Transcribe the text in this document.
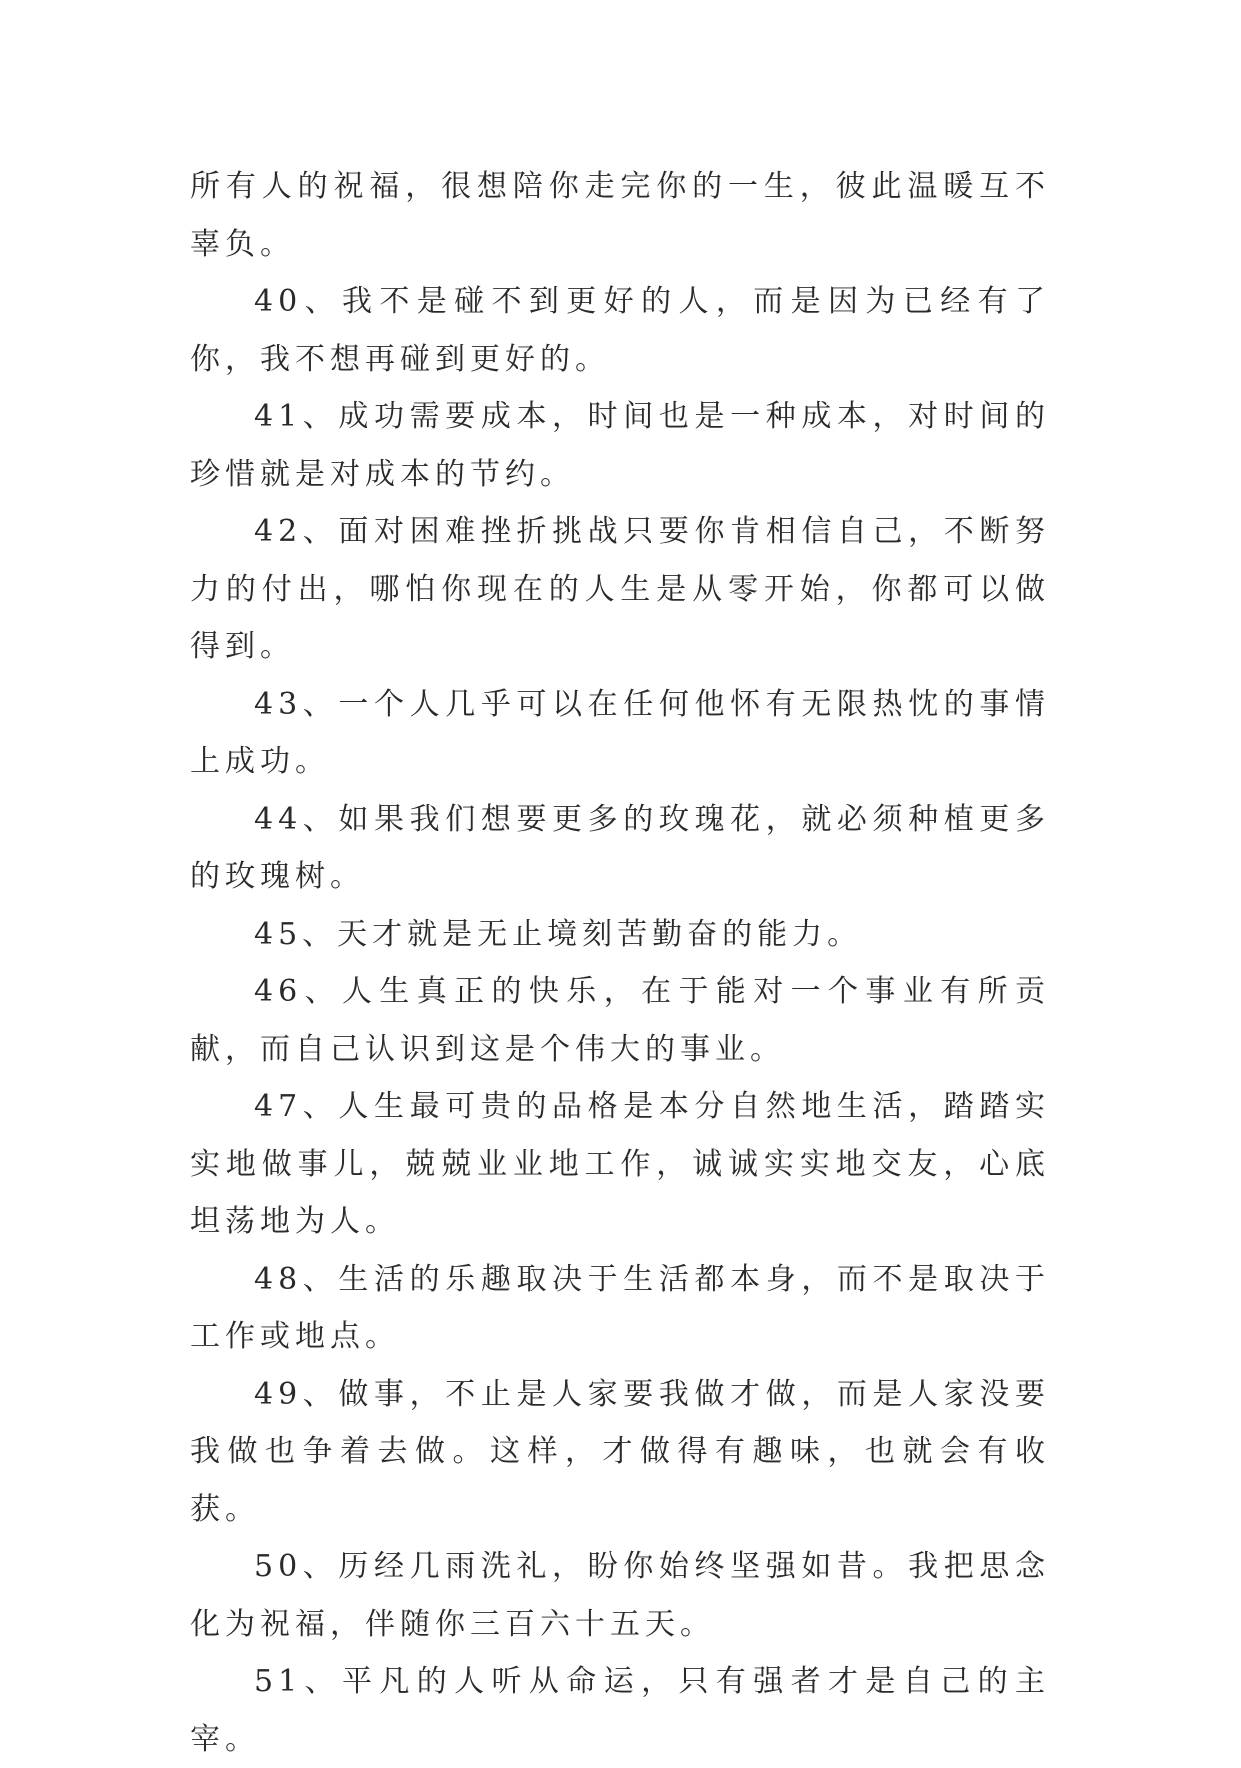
所有人的祝福，很想陪你走完你的一生，彼此温暖互不辜负。

40、我不是碰不到更好的人，而是因为已经有了你，我不想再碰到更好的。

41、成功需要成本，时间也是一种成本，对时间的珍惜就是对成本的节约。

42、面对困难挫折挑战只要你肯相信自己，不断努力的付出，哪怕你现在的人生是从零开始，你都可以做得到。

43、一个人几乎可以在任何他怀有无限热忱的事情上成功。

44、如果我们想要更多的玫瑰花，就必须种植更多的玫瑰树。

45、天才就是无止境刻苦勤奋的能力。

46、人生真正的快乐，在于能对一个事业有所贡献，而自己认识到这是个伟大的事业。

47、人生最可贵的品格是本分自然地生活，踏踏实实地做事儿，兢兢业业地工作，诚诚实实地交友，心底坦荡地为人。

48、生活的乐趣取决于生活都本身，而不是取决于工作或地点。

49、做事，不止是人家要我做才做，而是人家没要我做也争着去做。这样，才做得有趣味，也就会有收获。

50、历经几雨洗礼，盼你始终坚强如昔。我把思念化为祝福，伴随你三百六十五天。

51、平凡的人听从命运，只有强者才是自己的主宰。
